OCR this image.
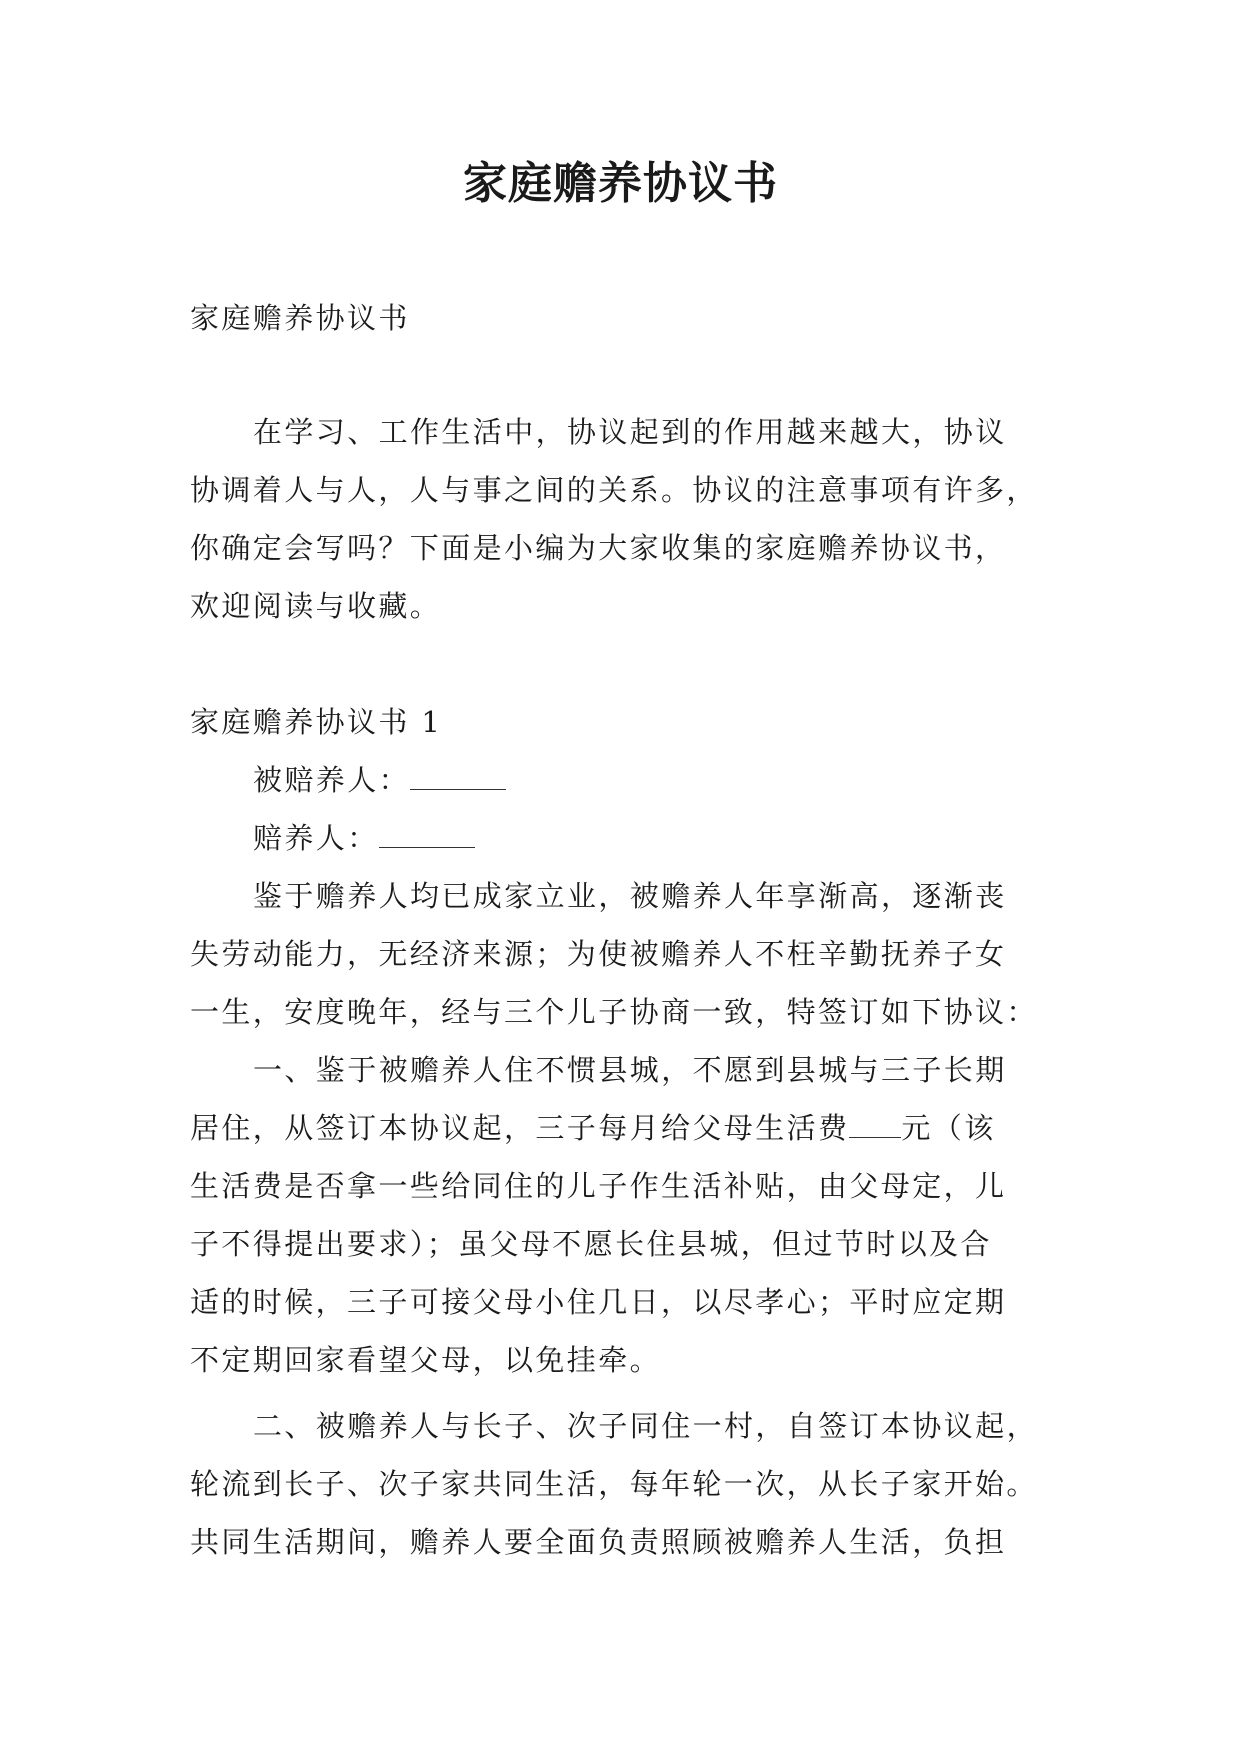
家庭赡养协议书
家庭赡养协议书
在学习、工作生活中，协议起到的作用越来越大，协议
协调着人与人，人与事之间的关系。协议的注意事项有许多，
你确定会写吗？下面是小编为大家收集的家庭赡养协议书，
欢迎阅读与收藏。
家庭赡养协议书 1
被赔养人：
赔养人：
鉴于赡养人均已成家立业，被赡养人年享渐高，逐渐丧
失劳动能力，无经济来源；为使被赡养人不枉辛勤抚养子女
一生，安度晚年，经与三个儿子协商一致，特签订如下协议：
一、鉴于被赡养人住不惯县城，不愿到县城与三子长期
居住，从签订本协议起，三子每月给父母生活费 元（该
生活费是否拿一些给同住的儿子作生活补贴，由父母定，儿
子不得提出要求）；虽父母不愿长住县城，但过节时以及合
适的时候，三子可接父母小住几日，以尽孝心；平时应定期
不定期回家看望父母，以免挂牵。
二、被赡养人与长子、次子同住一村，自签订本协议起，
轮流到长子、次子家共同生活，每年轮一次，从长子家开始。
共同生活期间，赡养人要全面负责照顾被赡养人生活，负担
